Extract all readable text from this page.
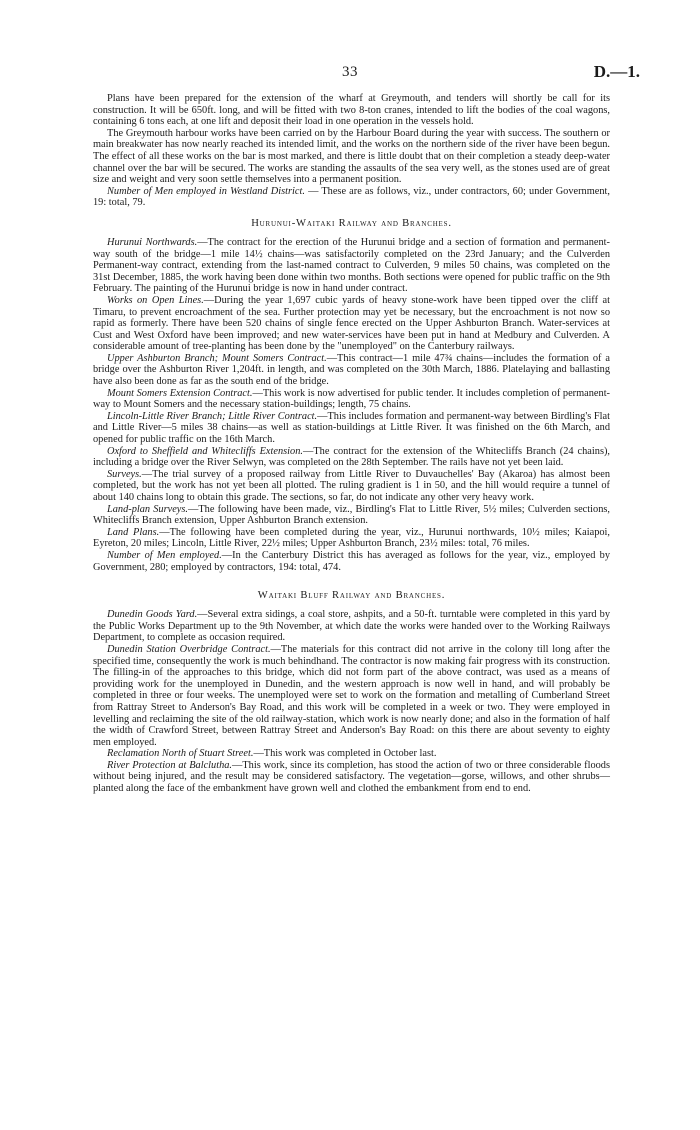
33	D.—1.

Plans have been prepared for the extension of the wharf at Greymouth, and tenders will shortly be call for its construction. It will be 650ft. long, and will be fitted with two 8-ton cranes, intended to lift the bodies of the coal wagons, containing 6 tons each, at one lift and deposit their load in one operation in the vessels hold.

The Greymouth harbour works have been carried on by the Harbour Board during the year with success. The southern or main breakwater has now nearly reached its intended limit, and the works on the northern side of the river have been begun. The effect of all these works on the bar is most marked, and there is little doubt that on their completion a steady deep-water channel over the bar will be secured. The works are standing the assaults of the sea very well, as the stones used are of great size and weight and very soon settle themselves into a permanent position.

Number of Men employed in Westland District. — These are as follows, viz., under contractors, 60; under Government, 19: total, 79.

Hurunui-Waitaki Railway and Branches.

Hurunui Northwards.—The contract for the erection of the Hurunui bridge and a section of formation and permanent-way south of the bridge—1 mile 14½ chains—was satisfactorily completed on the 23rd January; and the Culverden Permanent-way contract, extending from the last-named contract to Culverden, 9 miles 50 chains, was completed on the 31st December, 1885, the work having been done within two months. Both sections were opened for public traffic on the 9th February. The painting of the Hurunui bridge is now in hand under contract.

Works on Open Lines.—During the year 1,697 cubic yards of heavy stone-work have been tipped over the cliff at Timaru, to prevent encroachment of the sea. Further protection may yet be necessary, but the encroachment is not now so rapid as formerly. There have been 520 chains of single fence erected on the Upper Ashburton Branch. Water-services at Cust and West Oxford have been improved; and new water-services have been put in hand at Medbury and Culverden. A considerable amount of tree-planting has been done by the "unemployed" on the Canterbury railways.

Upper Ashburton Branch; Mount Somers Contract.—This contract—1 mile 47¾ chains—includes the formation of a bridge over the Ashburton River 1,204ft. in length, and was completed on the 30th March, 1886. Platelaying and ballasting have also been done as far as the south end of the bridge.

Mount Somers Extension Contract.—This work is now advertised for public tender. It includes completion of permanent-way to Mount Somers and the necessary station-buildings; length, 75 chains.

Lincoln-Little River Branch; Little River Contract.—This includes formation and permanent-way between Birdling's Flat and Little River—5 miles 38 chains—as well as station-buildings at Little River. It was finished on the 6th March, and opened for public traffic on the 16th March.

Oxford to Sheffield and Whitecliffs Extension.—The contract for the extension of the Whitecliffs Branch (24 chains), including a bridge over the River Selwyn, was completed on the 28th September. The rails have not yet been laid.

Surveys.—The trial survey of a proposed railway from Little River to Duvauchelles' Bay (Akaroa) has almost been completed, but the work has not yet been all plotted. The ruling gradient is 1 in 50, and the hill would require a tunnel of about 140 chains long to obtain this grade. The sections, so far, do not indicate any other very heavy work.

Land-plan Surveys.—The following have been made, viz., Birdling's Flat to Little River, 5½ miles; Culverden sections, Whitecliffs Branch extension, Upper Ashburton Branch extension.

Land Plans.—The following have been completed during the year, viz., Hurunui northwards, 10½ miles; Kaiapoi, Eyreton, 20 miles; Lincoln, Little River, 22½ miles; Upper Ashburton Branch, 23½ miles: total, 76 miles.

Number of Men employed.—In the Canterbury District this has averaged as follows for the year, viz., employed by Government, 280; employed by contractors, 194: total, 474.

Waitaki Bluff Railway and Branches.

Dunedin Goods Yard.—Several extra sidings, a coal store, ashpits, and a 50-ft. turntable were completed in this yard by the Public Works Department up to the 9th November, at which date the works were handed over to the Working Railways Department, to complete as occasion required.

Dunedin Station Overbridge Contract.—The materials for this contract did not arrive in the colony till long after the specified time, consequently the work is much behindhand. The contractor is now making fair progress with its construction. The filling-in of the approaches to this bridge, which did not form part of the above contract, was used as a means of providing work for the unemployed in Dunedin, and the western approach is now well in hand, and will probably be completed in three or four weeks. The unemployed were set to work on the formation and metalling of Cumberland Street from Rattray Street to Anderson's Bay Road, and this work will be completed in a week or two. They were employed in levelling and reclaiming the site of the old railway-station, which work is now nearly done; and also in the formation of half the width of Crawford Street, between Rattray Street and Anderson's Bay Road: on this there are about seventy to eighty men employed.

Reclamation North of Stuart Street.—This work was completed in October last.

River Protection at Balclutha.—This work, since its completion, has stood the action of two or three considerable floods without being injured, and the result may be considered satisfactory. The vegetation—gorse, willows, and other shrubs—planted along the face of the embankment have grown well and clothed the embankment from end to end.
